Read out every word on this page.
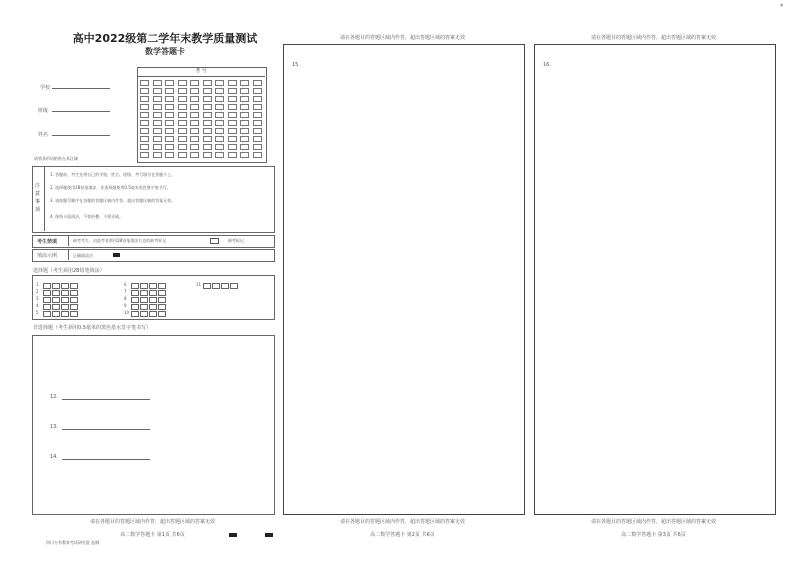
高中2022级第二学年末教学质量测试
数学答题卡
学校
班级
姓名
考 号
请将条形码粘贴在本区域
注意事项
1. 答题前，考生先将自己的学校、姓名、班级、考号填写在答题卡上。
2. 选择题使用2B铅笔填涂，非选择题使用0.5毫米黑色签字笔书写。
3. 请按题号顺序在各题的答题区域内作答，超出答题区域的答案无效。
4. 保持卡面清洁，不要折叠、不要弄破。
考生禁填	缺考考生，由监考老师用2B铅笔填涂右边的缺考标记	缺考标记
填涂示例	正确填涂法
选择题（考生须用2B铅笔填涂）
1
2
3
4
5
6
7
8
9
10
11
非选择题（考生须用0.5毫米的黑色墨水签字笔书写）
12.
13.
14.
请在各题目的答题区域内作答，超出答题区域的答案无效
高二数学答题卡 第1页 共6页
四川万有教育考试研究院 监制
请在各题目的答题区域内作答，超出答题区域的答案无效
15.
请在各题目的答题区域内作答，超出答题区域的答案无效
高二数学答题卡 第2页 共6页
请在各题目的答题区域内作答，超出答题区域的答案无效
16.
请在各题目的答题区域内作答，超出答题区域的答案无效
高二数学答题卡 第3页 共6页
∗
